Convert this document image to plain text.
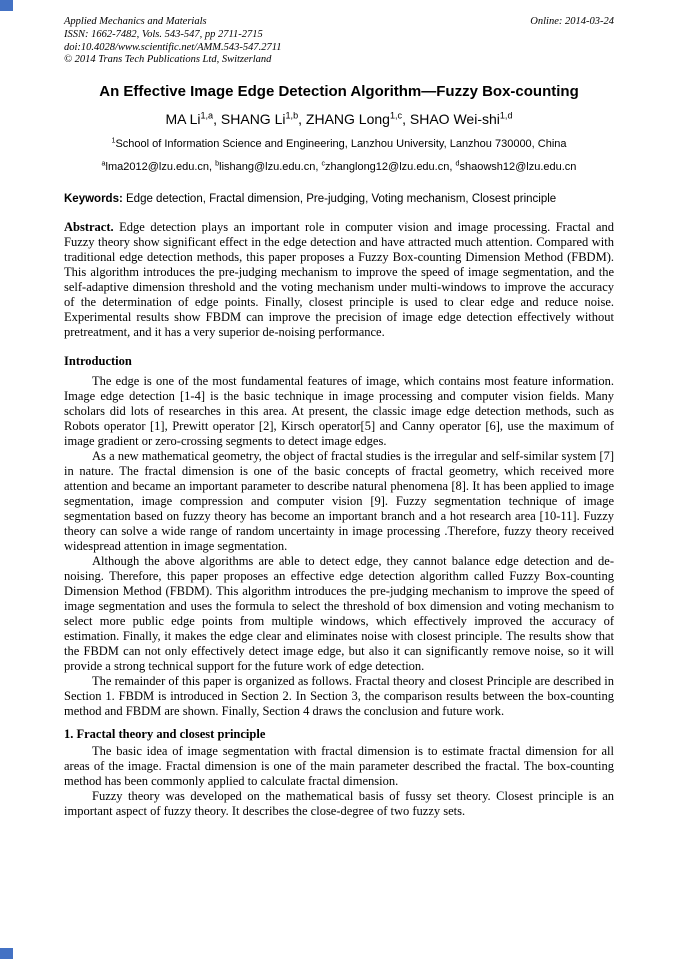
Applied Mechanics and Materials
ISSN: 1662-7482, Vols. 543-547, pp 2711-2715
doi:10.4028/www.scientific.net/AMM.543-547.2711
© 2014 Trans Tech Publications Ltd, Switzerland
Online: 2014-03-24
An Effective Image Edge Detection Algorithm—Fuzzy Box-counting
MA Li$^{1,a}$, SHANG Li$^{1,b}$, ZHANG Long$^{1,c}$, SHAO Wei-shi$^{1,d}$
$^1$School of Information Science and Engineering, Lanzhou University, Lanzhou 730000, China
$^a$lma2012@lzu.edu.cn, $^b$lishang@lzu.edu.cn, $^c$zhanglong12@lzu.edu.cn, $^d$shaowsh12@lzu.edu.cn

Keywords: Edge detection, Fractal dimension, Pre-judging, Voting mechanism, Closest principle

Abstract. Edge detection plays an important role in computer vision and image processing. Fractal and Fuzzy theory show significant effect in the edge detection and have attracted much attention. Compared with traditional edge detection methods, this paper proposes a Fuzzy Box-counting Dimension Method (FBDM). This algorithm introduces the pre-judging mechanism to improve the speed of image segmentation, and the self-adaptive dimension threshold and the voting mechanism under multi-windows to improve the accuracy of the determination of edge points. Finally, closest principle is used to clear edge and reduce noise. Experimental results show FBDM can improve the precision of image edge detection effectively without pretreatment, and it has a very superior de-noising performance.

Introduction

The edge is one of the most fundamental features of image, which contains most feature information. Image edge detection [1-4] is the basic technique in image processing and computer vision fields. Many scholars did lots of researches in this area. At present, the classic image edge detection methods, such as Robots operator [1], Prewitt operator [2], Kirsch operator[5] and Canny operator [6], use the maximum of image gradient or zero-crossing segments to detect image edges.

As a new mathematical geometry, the object of fractal studies is the irregular and self-similar system [7] in nature. The fractal dimension is one of the basic concepts of fractal geometry, which received more attention and became an important parameter to describe natural phenomena [8]. It has been applied to image segmentation, image compression and computer vision [9]. Fuzzy segmentation technique of image segmentation based on fuzzy theory has become an important branch and a hot research area [10-11]. Fuzzy theory can solve a wide range of random uncertainty in image processing .Therefore, fuzzy theory received widespread attention in image segmentation.

Although the above algorithms are able to detect edge, they cannot balance edge detection and de-noising. Therefore, this paper proposes an effective edge detection algorithm called Fuzzy Box-counting Dimension Method (FBDM). This algorithm introduces the pre-judging mechanism to improve the speed of image segmentation and uses the formula to select the threshold of box dimension and voting mechanism to select more public edge points from multiple windows, which effectively improved the accuracy of estimation. Finally, it makes the edge clear and eliminates noise with closest principle. The results show that the FBDM can not only effectively detect image edge, but also it can significantly remove noise, so it will provide a strong technical support for the future work of edge detection.

The remainder of this paper is organized as follows. Fractal theory and closest Principle are described in Section 1. FBDM is introduced in Section 2. In Section 3, the comparison results between the box-counting method and FBDM are shown. Finally, Section 4 draws the conclusion and future work.

1. Fractal theory and closest principle

The basic idea of image segmentation with fractal dimension is to estimate fractal dimension for all areas of the image. Fractal dimension is one of the main parameter described the fractal. The box-counting method has been commonly applied to calculate fractal dimension.

Fuzzy theory was developed on the mathematical basis of fussy set theory. Closest principle is an important aspect of fuzzy theory. It describes the close-degree of two fuzzy sets.
